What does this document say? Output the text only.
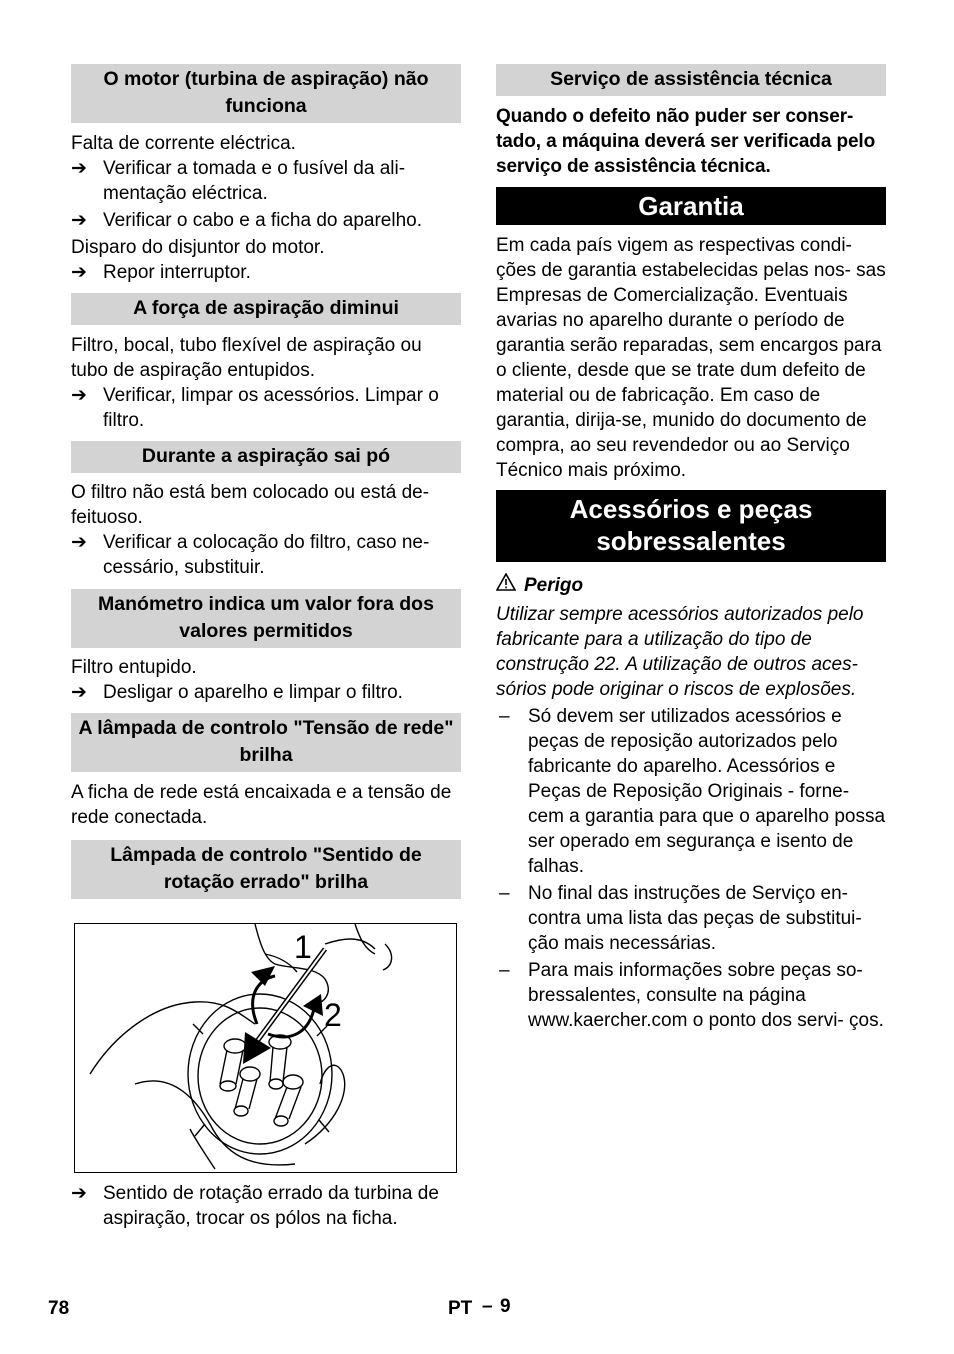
O motor (turbina de aspiração) não funciona
Falta de corrente eléctrica.
➔ Verificar a tomada e o fusível da ali- mentação eléctrica.
➔ Verificar o cabo e a ficha do aparelho.
Disparo do disjuntor do motor.
➔ Repor interruptor.
A força de aspiração diminui
Filtro, bocal, tubo flexível de aspiração ou tubo de aspiração entupidos.
➔ Verificar, limpar os acessórios. Limpar o filtro.
Durante a aspiração sai pó
O filtro não está bem colocado ou está de- feituoso.
➔ Verificar a colocação do filtro, caso ne- cessário, substituir.
Manómetro indica um valor fora dos valores permitidos
Filtro entupido.
➔ Desligar o aparelho e limpar o filtro.
A lâmpada de controlo "Tensão de rede" brilha
A ficha de rede está encaixada e a tensão de rede conectada.
Lâmpada de controlo "Sentido de rotação errado" brilha
1
2
➔ Sentido de rotação errado da turbina de aspiração, trocar os pólos na ficha.
Serviço de assistência técnica
Quando o defeito não puder ser conser- tado, a máquina deverá ser verificada pelo serviço de assistência técnica.
Garantia
Em cada país vigem as respectivas condi- ções de garantia estabelecidas pelas nos- sas Empresas de Comercialização. Eventuais avarias no aparelho durante o período de garantia serão reparadas, sem encargos para o cliente, desde que se trate dum defeito de material ou de fabricação. Em caso de garantia, dirija-se, munido do documento de compra, ao seu revendedor ou ao Serviço Técnico mais próximo.
Acessórios e peças sobressalentes
Perigo
Utilizar sempre acessórios autorizados pelo fabricante para a utilização do tipo de construção 22. A utilização de outros aces- sórios pode originar o riscos de explosões.
– Só devem ser utilizados acessórios e peças de reposição autorizados pelo fabricante do aparelho. Acessórios e Peças de Reposição Originais - forne- cem a garantia para que o aparelho possa ser operado em segurança e isento de falhas.
– No final das instruções de Serviço en- contra uma lista das peças de substitui- ção mais necessárias.
– Para mais informações sobre peças so- bressalentes, consulte na página www.kaercher.com o ponto dos servi- ços.
78	PT – 9
